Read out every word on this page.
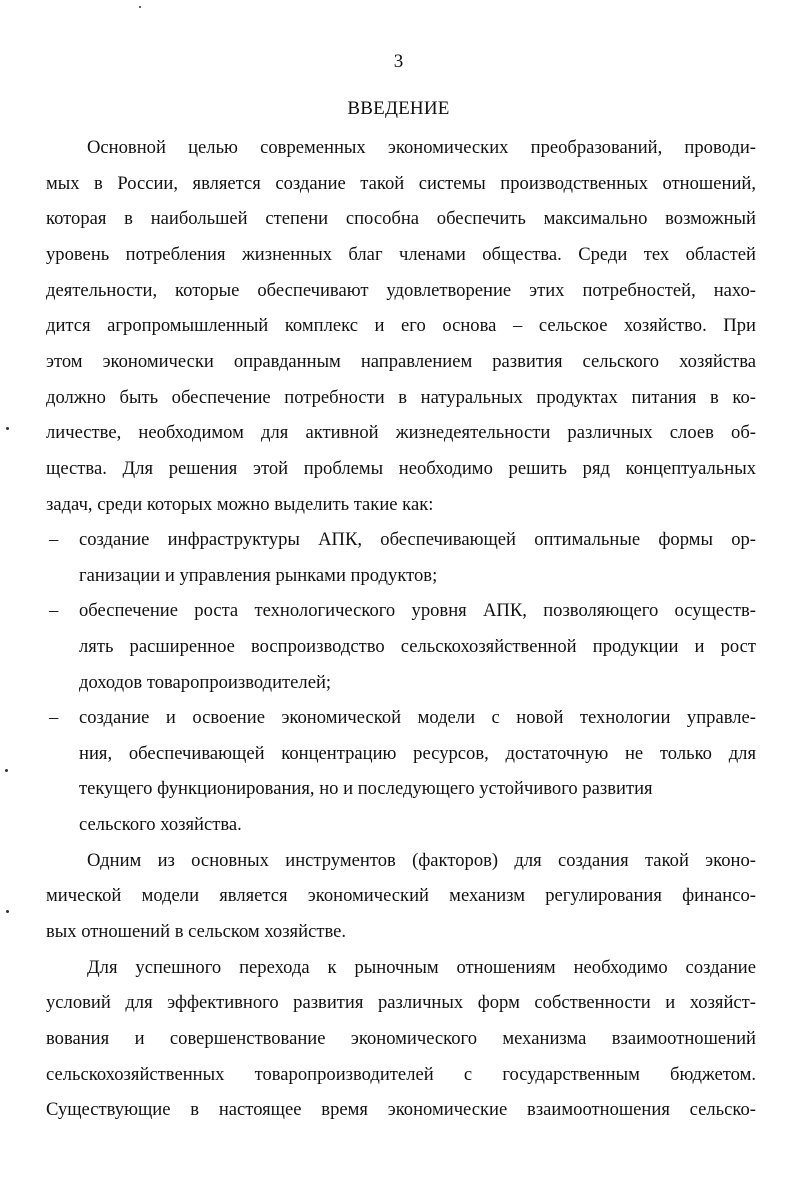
3
ВВЕДЕНИЕ
Основной целью современных экономических преобразований, проводи-
мых в России, является создание такой системы производственных отношений,
которая в наибольшей степени способна обеспечить максимально возможный
уровень потребления жизненных благ членами общества. Среди тех областей
деятельности, которые обеспечивают удовлетворение этих потребностей, нахо-
дится агропромышленный комплекс и его основа – сельское хозяйство. При
этом экономически оправданным направлением развития сельского хозяйства
должно быть обеспечение потребности в натуральных продуктах питания в ко-
личестве, необходимом для активной жизнедеятельности различных слоев об-
щества. Для решения этой проблемы необходимо решить ряд концептуальных
задач, среди которых можно выделить такие как:
– создание инфраструктуры АПК, обеспечивающей оптимальные формы ор-
ганизации и управления рынками продуктов;
– обеспечение роста технологического уровня АПК, позволяющего осуществ-
лять расширенное воспроизводство сельскохозяйственной продукции и рост
доходов товаропроизводителей;
– создание и освоение экономической модели с новой технологии управле-
ния, обеспечивающей концентрацию ресурсов, достаточную не только для
текущего функционирования, но и последующего устойчивого развития
сельского хозяйства.
Одним из основных инструментов (факторов) для создания такой эконо-
мической модели является экономический механизм регулирования финансо-
вых отношений в сельском хозяйстве.
Для успешного перехода к рыночным отношениям необходимо создание
условий для эффективного развития различных форм собственности и хозяйст-
вования и совершенствование экономического механизма взаимоотношений
сельскохозяйственных товаропроизводителей с государственным бюджетом.
Существующие в настоящее время экономические взаимоотношения сельско-
